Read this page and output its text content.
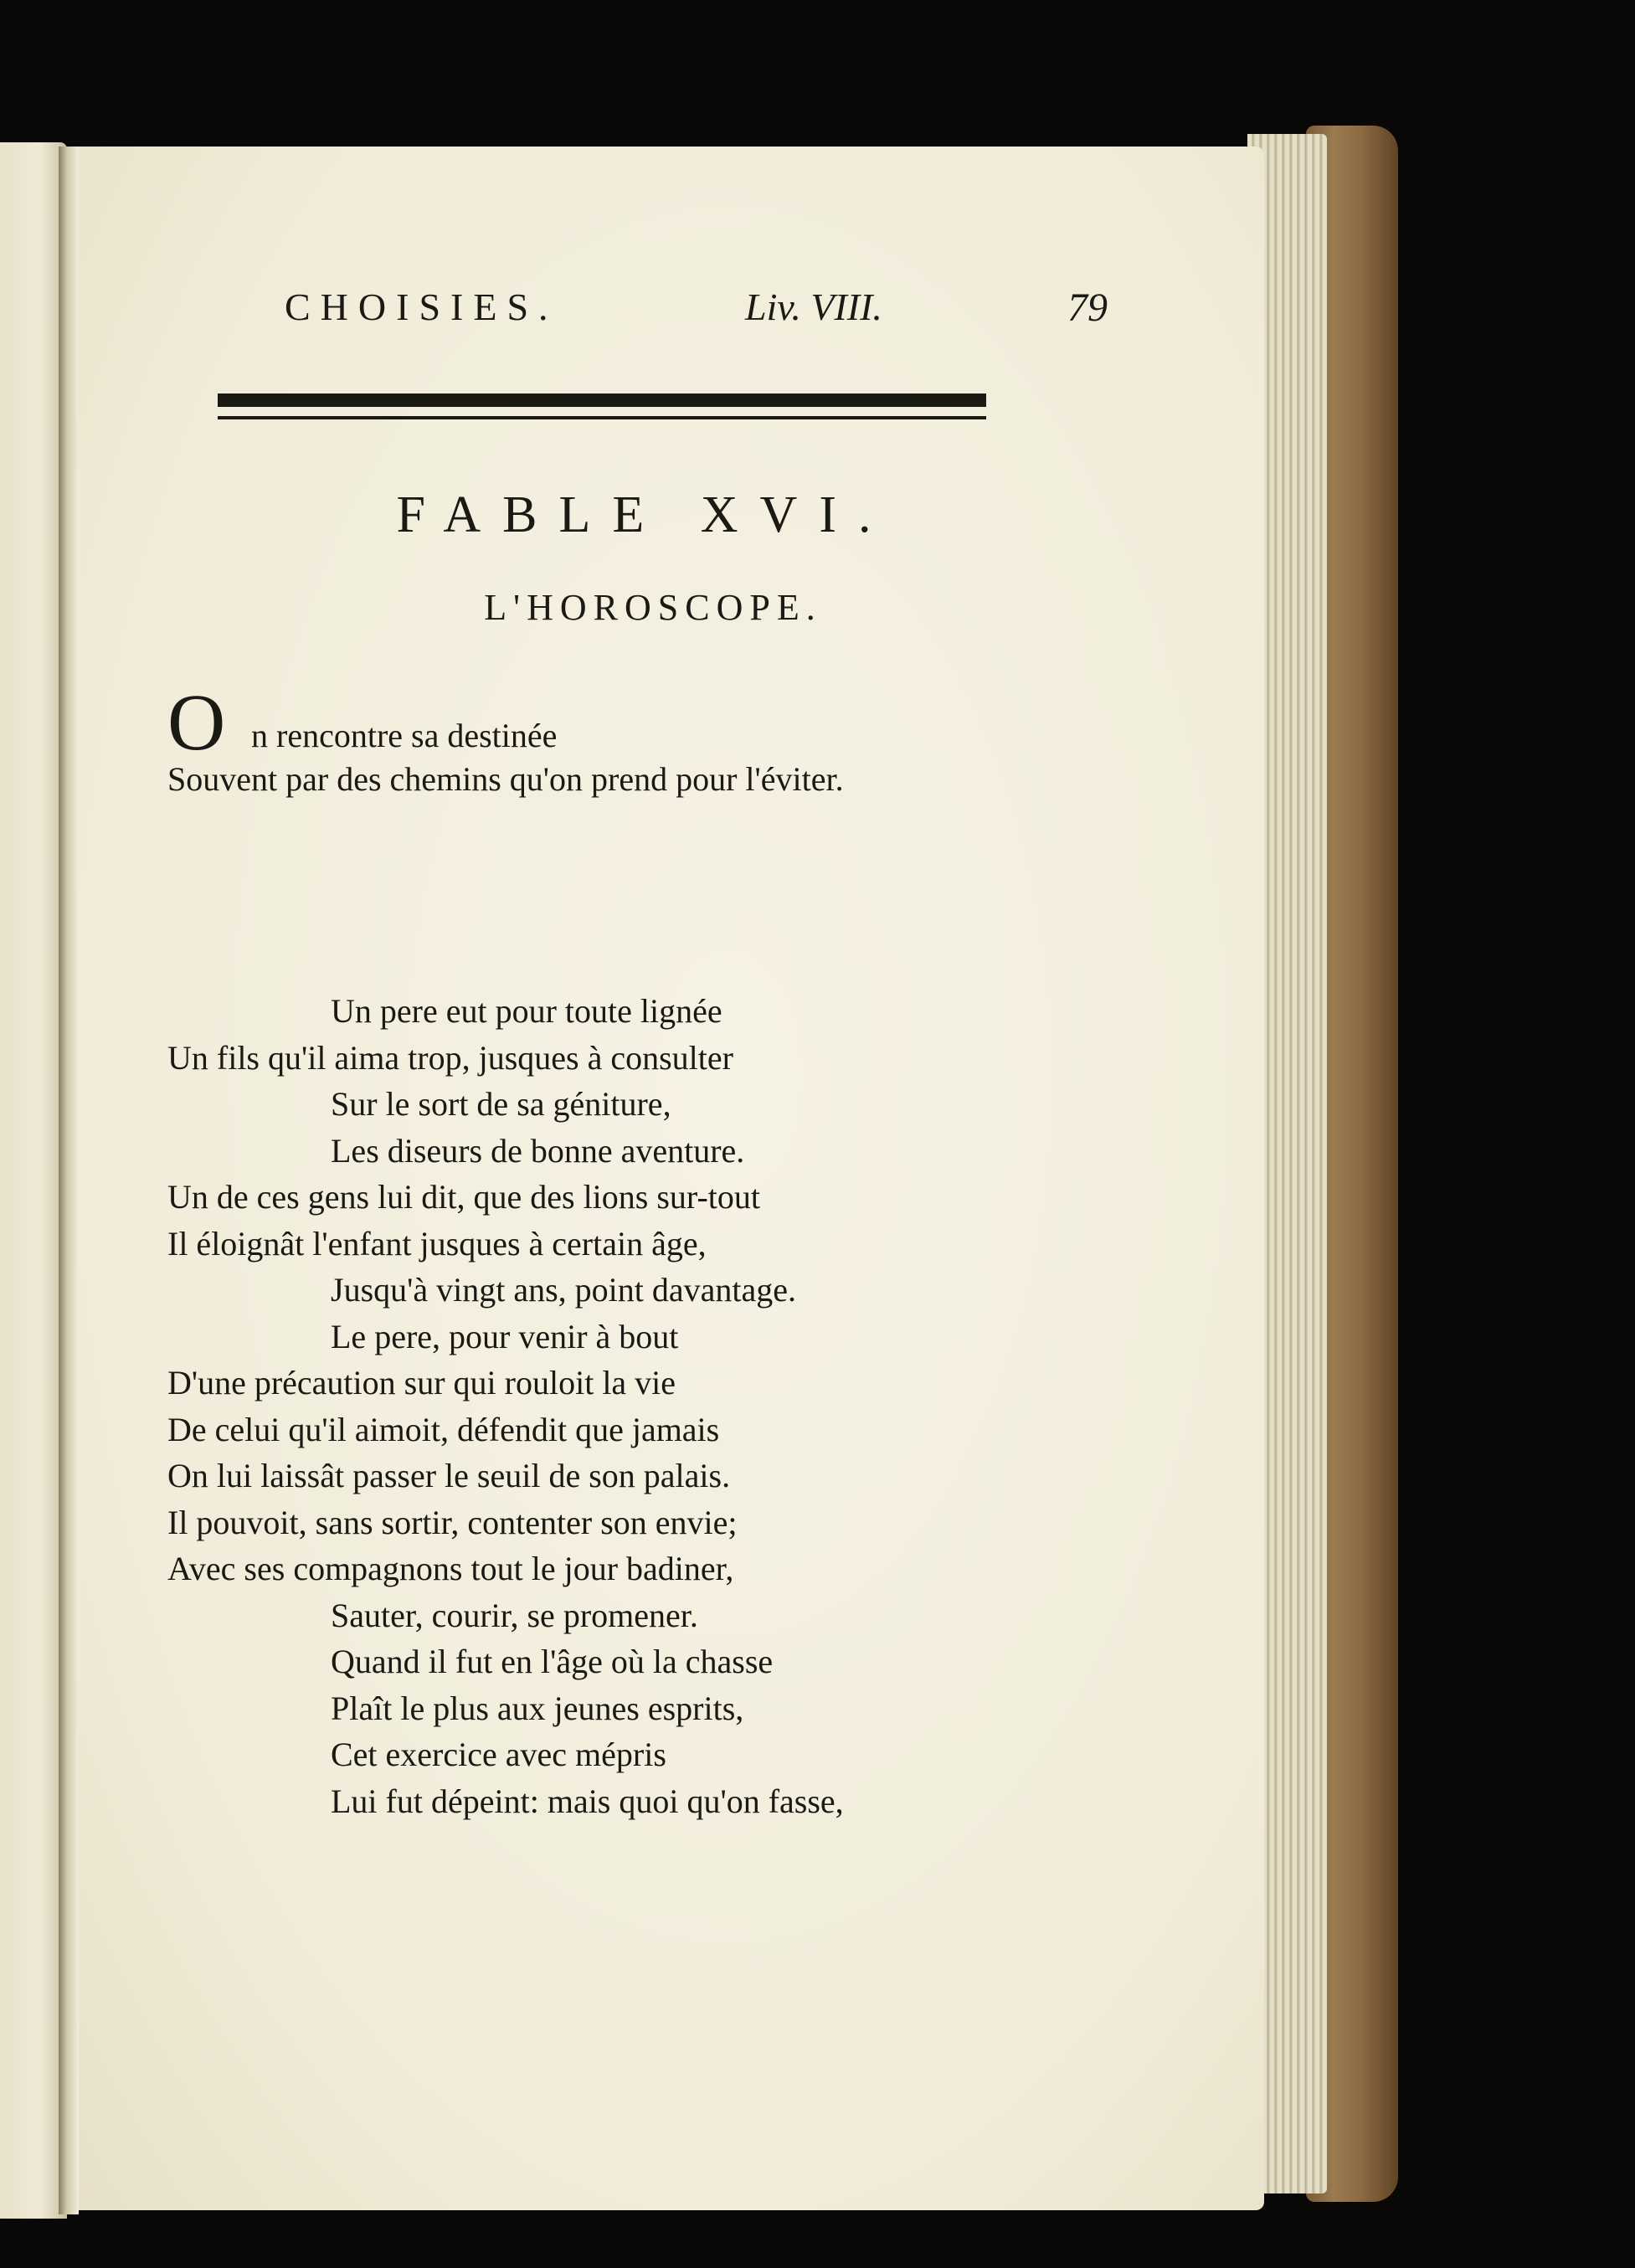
CHOISIES.	Liv. VIII.	79
FABLE XVI.
L'HOROSCOPE.
O n rencontre sa destinée
Souvent par des chemins qu'on prend pour l'éviter.
Un pere eut pour toute lignée
Un fils qu'il aima trop, jusques à consulter
Sur le sort de sa géniture,
Les diseurs de bonne aventure.
Un de ces gens lui dit, que des lions sur-tout
Il éloignât l'enfant jusques à certain âge,
Jusqu'à vingt ans, point davantage.
Le pere, pour venir à bout
D'une précaution sur qui rouloit la vie
De celui qu'il aimoit, défendit que jamais
On lui laissât passer le seuil de son palais.
Il pouvoit, sans sortir, contenter son envie;
Avec ses compagnons tout le jour badiner,
Sauter, courir, se promener.
Quand il fut en l'âge où la chasse
Plaît le plus aux jeunes esprits,
Cet exercice avec mépris
Lui fut dépeint: mais quoi qu'on fasse,
